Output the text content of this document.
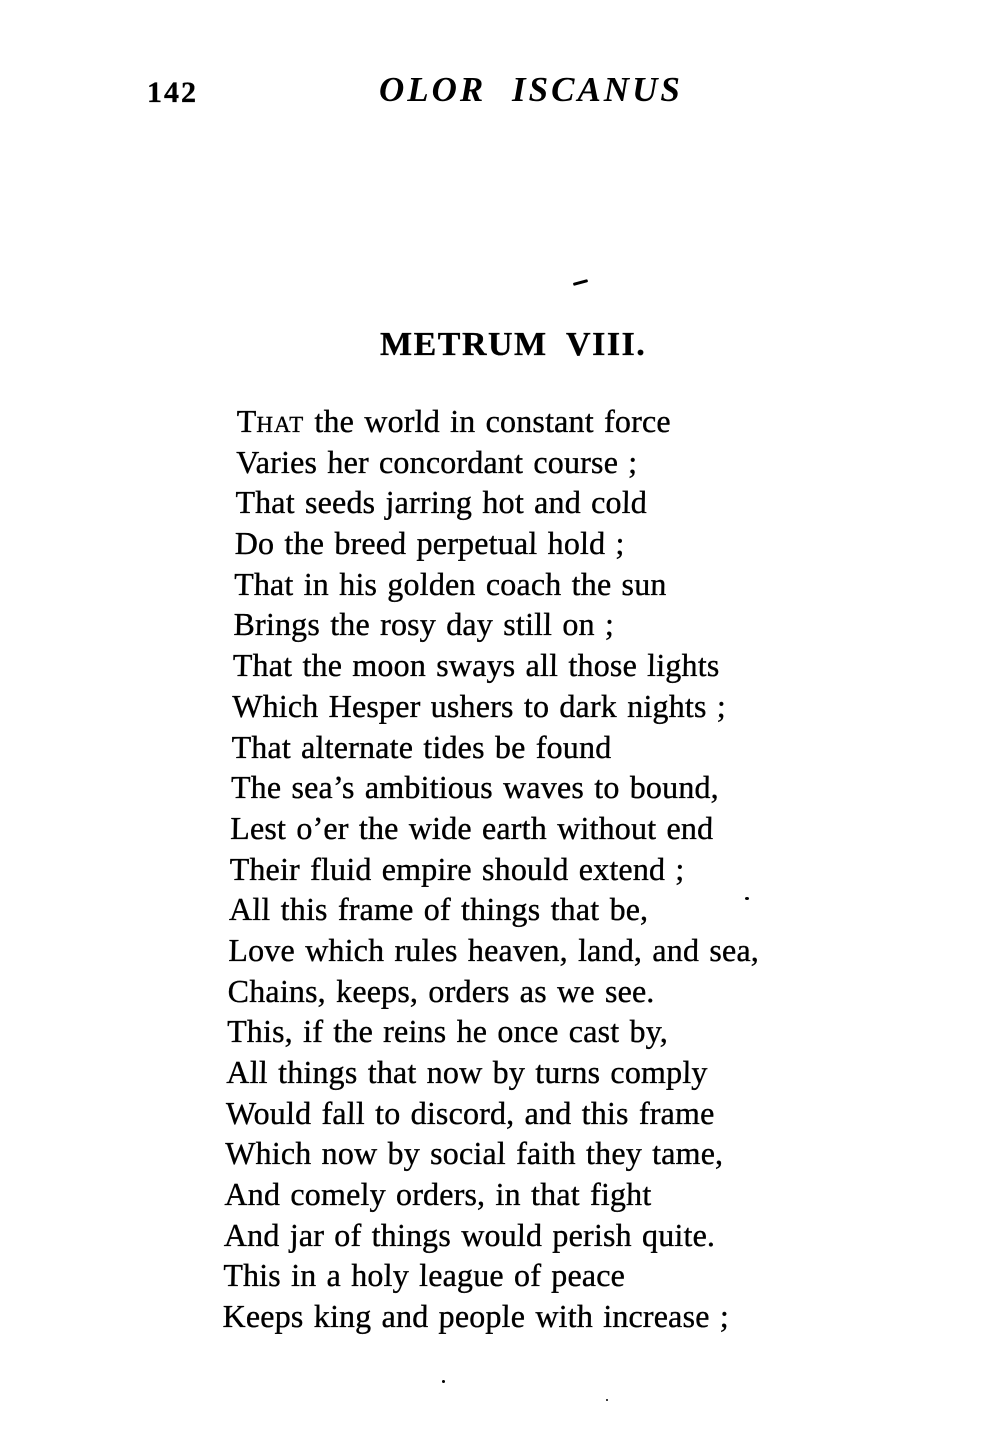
142	OLOR ISCANUS
METRUM VIII.
THAT the world in constant force
Varies her concordant course ;
That seeds jarring hot and cold
Do the breed perpetual hold ;
That in his golden coach the sun
Brings the rosy day still on ;
That the moon sways all those lights
Which Hesper ushers to dark nights ;
That alternate tides be found
The sea’s ambitious waves to bound,
Lest o’er the wide earth without end
Their fluid empire should extend ;
All this frame of things that be,
Love which rules heaven, land, and sea,
Chains, keeps, orders as we see.
This, if the reins he once cast by,
All things that now by turns comply
Would fall to discord, and this frame
Which now by social faith they tame,
And comely orders, in that fight
And jar of things would perish quite.
This in a holy league of peace
Keeps king and people with increase ;
